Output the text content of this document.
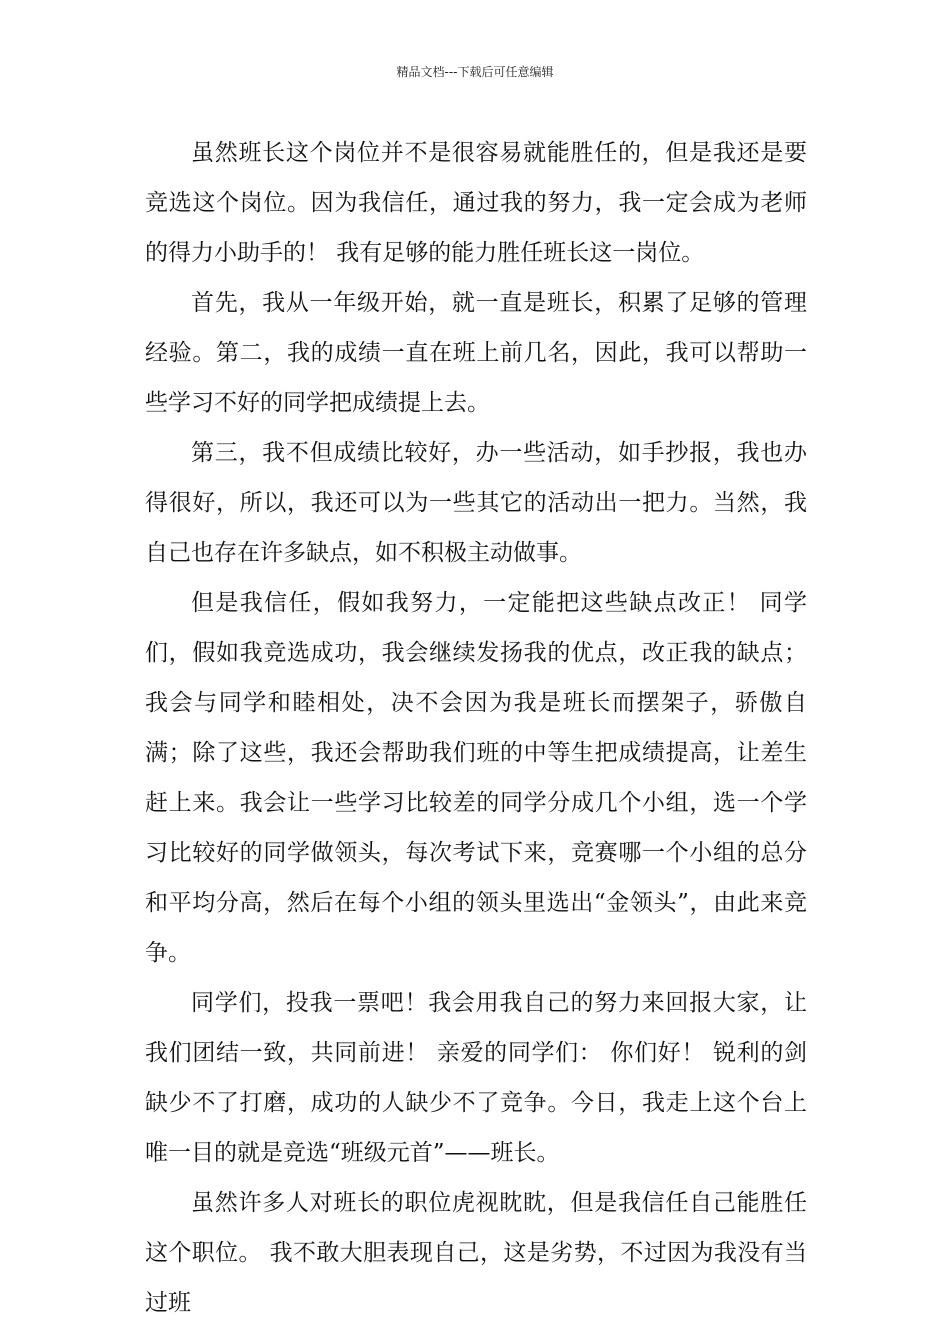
精品文档---下载后可任意编辑

虽然班长这个岗位并不是很容易就能胜任的，但是我还是要竞选这个岗位。因为我信任，通过我的努力，我一定会成为老师的得力小助手的！ 我有足够的能力胜任班长这一岗位。

首先，我从一年级开始，就一直是班长，积累了足够的管理经验。第二，我的成绩一直在班上前几名，因此，我可以帮助一些学习不好的同学把成绩提上去。

第三，我不但成绩比较好，办一些活动，如手抄报，我也办得很好，所以，我还可以为一些其它的活动出一把力。当然，我自己也存在许多缺点，如不积极主动做事。

但是我信任，假如我努力，一定能把这些缺点改正！ 同学们，假如我竞选成功，我会继续发扬我的优点，改正我的缺点；我会与同学和睦相处，决不会因为我是班长而摆架子，骄傲自满；除了这些，我还会帮助我们班的中等生把成绩提高，让差生赶上来。我会让一些学习比较差的同学分成几个小组，选一个学习比较好的同学做领头，每次考试下来，竞赛哪一个小组的总分和平均分高，然后在每个小组的领头里选出“金领头”，由此来竞争。

同学们，投我一票吧！我会用我自己的努力来回报大家，让我们团结一致，共同前进！ 亲爱的同学们： 你们好！ 锐利的剑缺少不了打磨，成功的人缺少不了竞争。今日，我走上这个台上唯一目的就是竞选“班级元首”——班长。

虽然许多人对班长的职位虎视眈眈，但是我信任自己能胜任这个职位。 我不敢大胆表现自己，这是劣势，不过因为我没有当过班
